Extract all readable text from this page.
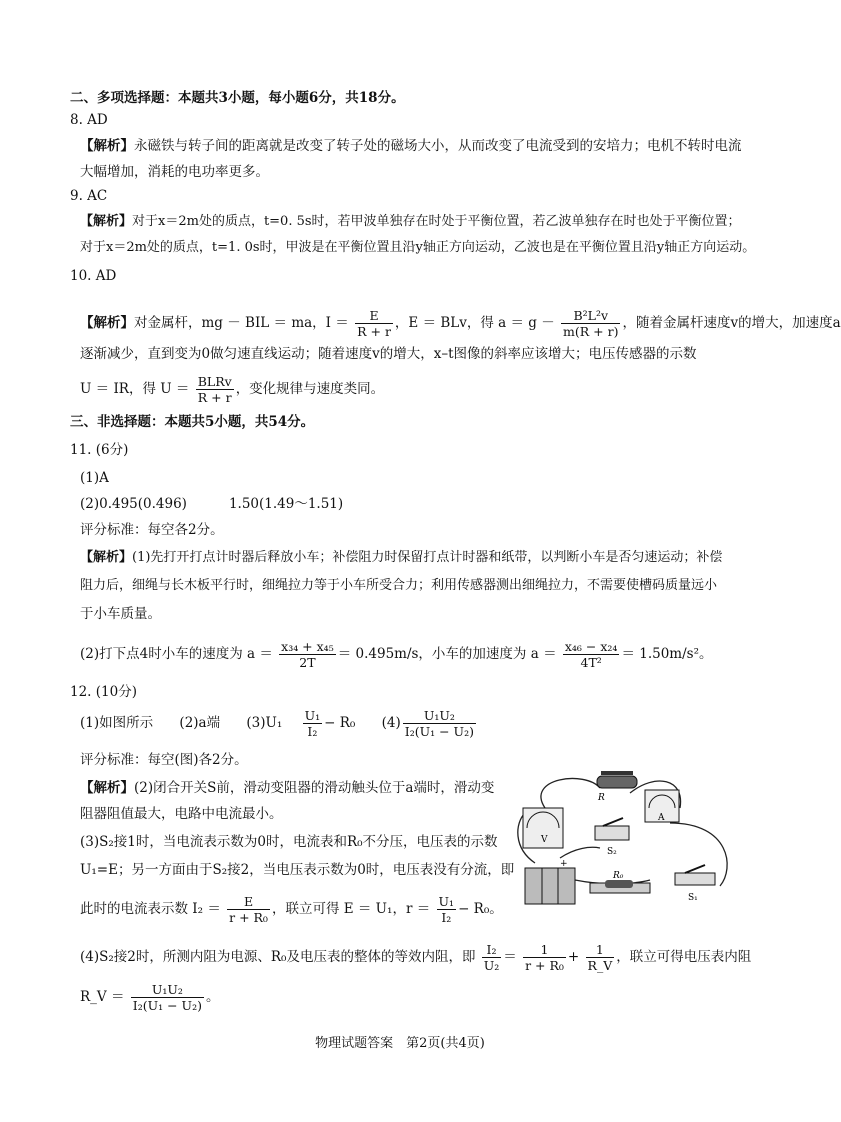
二、多项选择题：本题共3小题，每小题6分，共18分。
8. AD
【解析】永磁铁与转子间的距离就是改变了转子处的磁场大小，从而改变了电流受到的安培力；电机不转时电流
大幅增加，消耗的电功率更多。
9. AC
【解析】对于x＝2m处的质点，t=0. 5s时，若甲波单独存在时处于平衡位置，若乙波单独存在时也处于平衡位置；
对于x＝2m处的质点，t=1. 0s时，甲波是在平衡位置且沿y轴正方向运动，乙波也是在平衡位置且沿y轴正方向运动。
10. AD
【解析】对金属杆，mg － BIL ＝ ma，$I = \frac{E}{R + r}$ ，E ＝ BLv，得 $a = g - \frac{\text{B²L²v}}{m(R + r)}$ ，随着金属杆速度v的增大，加速度a
逐渐减少，直到变为0做匀速直线运动；随着速度v的增大，x–t图像的斜率应该增大；电压传感器的示数
U ＝ IR，得 $U = \frac{\text{BLRv}}{R + r}$ ，变化规律与速度类同。
三、非选择题：本题共5小题，共54分。
11. (6分)
(1)A
(2)0.495(0.496)	1.50(1.49～1.51)
评分标准：每空各2分。
【解析】(1)先打开打点计时器后释放小车；补偿阻力时保留打点计时器和纸带，以判断小车是否匀速运动；补偿
阻力后，细绳与长木板平行时，细绳拉力等于小车所受合力；利用传感器测出细绳拉力，不需要使槽码质量远小
于小车质量。
(2)打下点4时小车的速度为 $a = \frac{\text{x₃₄ + x₄₅}}{2T} = 0.495m/s$，小车的加速度为 $a = \frac{\text{x₄₆ − x₂₄}}{\text{4T²}} = 1.50m/s^2$。
12. (10分)
(1)如图所示 (2)a端 $(3)U_1 \frac{\text{U₁}}{\text{I₂}} - R_0$ $(4) \frac{\text{U₁U₂}}{\text{I₂(U₁ − U₂)}}$
评分标准：每空(图)各2分。
【解析】(2)闭合开关S前，滑动变阻器的滑动触头位于a端时，滑动变
阻器阻值最大，电路中电流最小。
(3)S₂接1时，当电流表示数为0时，电流表和R₀不分压，电压表的示数
U₁=E；另一方面由于S₂接2，当电压表示数为0时，电压表没有分流，即
此时的电流表示数 $I_2 = \frac{E}{\text{r + R₀}}$ ，联立可得 E ＝ U₁，$r = \frac{\text{U₁}}{\text{I₂}} - R_0$。
(4)S₂接2时，所测内阻为电源、R₀及电压表的整体的等效内阻，即 $\frac{\text{I₂}}{\text{U₂}} = \frac{1}{\text{r + R₀}} + \frac{1}{R\_V}$ ，联立可得电压表内阻
R_V ＝ $\frac{\text{U₁U₂}}{\text{I₂(U₁ − U₂)}}$ 。
R
A
V
S₂
+
R₀
S₁
物理试题答案　第2页(共4页)
